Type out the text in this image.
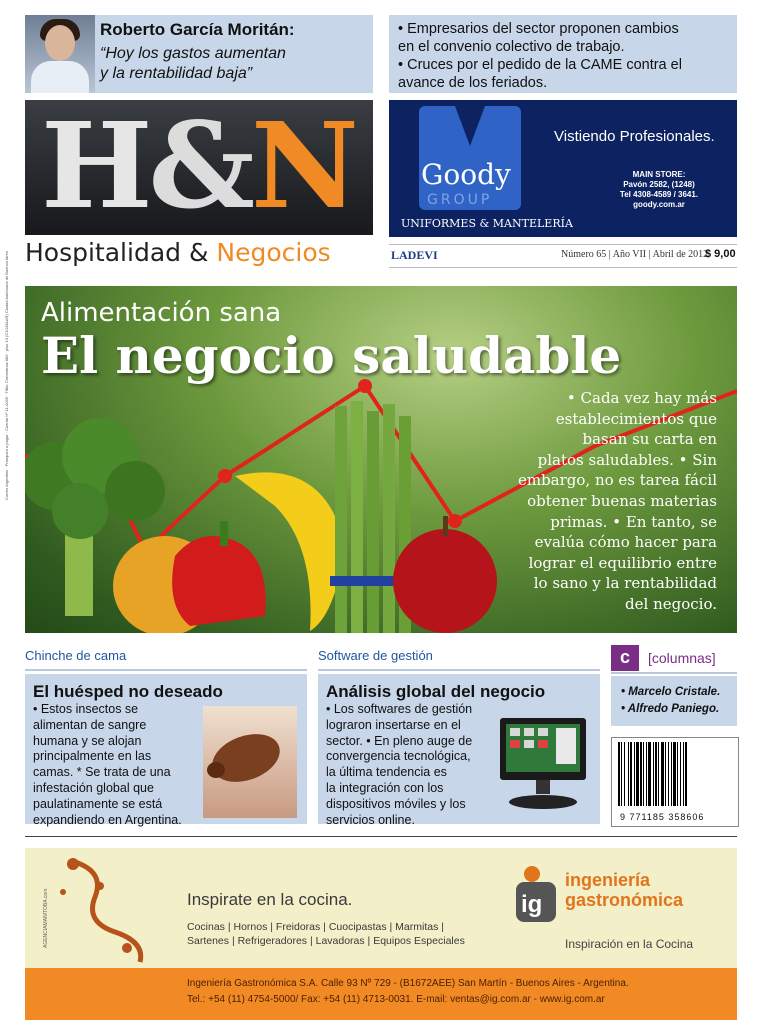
Roberto García Moritán:
“Hoy los gastos aumentan
y la rentabilidad baja”
• Empresarios del sector proponen cambios
en el convenio colectivo de trabajo.
• Cruces por el pedido de la CAME contra el
avance de los feriados.
H&N
Hospitalidad & Negocios
Goody
GROUP
UNIFORMES & MANTELERÍA
Vistiendo Profesionales.
MAIN STORE:
Pavón 2582, (1248)
Tel 4308-4589 / 3641.
goody.com.ar
LADEVI	Número 65 | Año VII | Abril de 2012
$ 9,00
Alimentación sana
El negocio saludable
• Cada vez hay más
establecimientos que
basan su carta en
platos saludables. • Sin
embargo, no es tarea fácil
obtener buenas materias
primas. • En tanto, se
evalúa cómo hacer para
lograr el equilibrio entre
lo sano y la rentabilidad
del negocio.
Correo Argentino · Franqueo a pagar · Cuenta Nº 11-0039 · Tiflia: Correntinas 880 · piso 13 (C1043AAR) Ciudad Autónoma de Buenos Aires
Chinche de cama
El huésped no deseado
• Estos insectos se
alimentan de sangre
humana y se alojan
principalmente en las
camas. * Se trata de una
infestación global que
paulatinamente se está
expandiendo en Argentina.
Software de gestión
Análisis global del negocio
• Los softwares de gestión
lograron insertarse en el
sector. • En pleno auge de
convergencia tecnológica,
la última tendencia es
la integración con los
dispositivos móviles y los
servicios online.
c	[columnas]
• Marcelo Cristale.
• Alfredo Paniego.
9 771185 358606
AGENCIAMANITOBA.com	Inspirate en la cocina.
Cocinas | Hornos | Freidoras | Cuocipastas | Marmitas |
Sartenes | Refrigeradores | Lavadoras | Equipos Especiales
ig
ingeniería
gastronómica
Inspiración en la Cocina
Ingeniería Gastronómica S.A. Calle 93 Nº 729 - (B1672AEE) San Martín - Buenos Aires - Argentina.
Tel.: +54 (11) 4754-5000/ Fax: +54 (11) 4713-0031. E-mail: ventas@ig.com.ar - www.ig.com.ar
